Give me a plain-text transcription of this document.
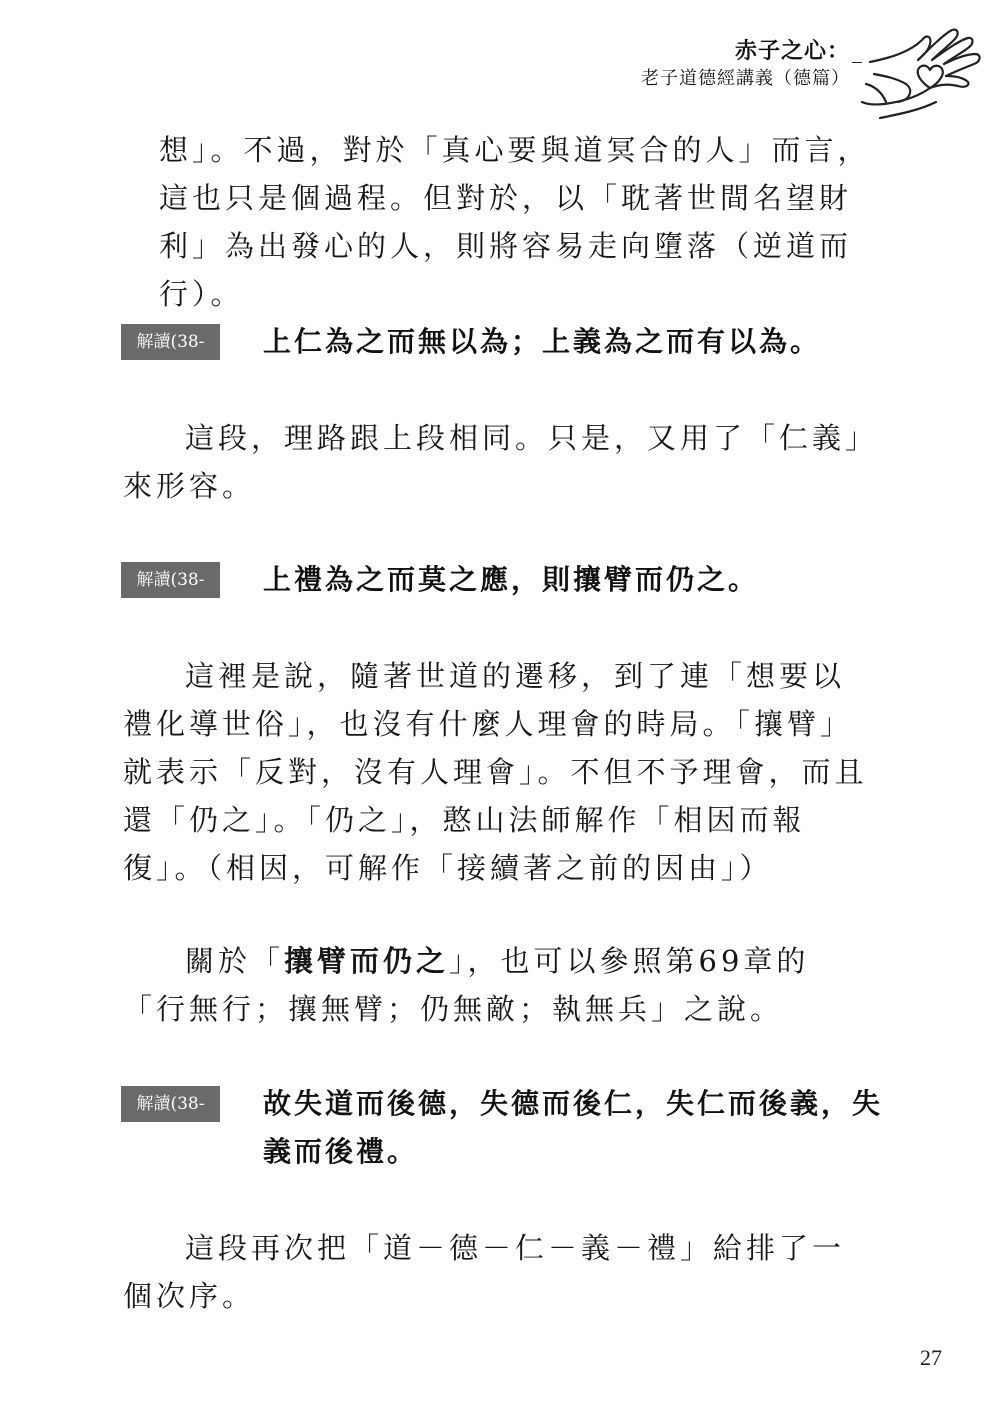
赤子之心：
老子道德經講義（德篇）
想」。不過，對於「真心要與道冥合的人」而言，這也只是個過程。但對於，以「耽著世間名望財利」為出發心的人，則將容易走向墮落（逆道而行）。
解讀(38-3)
上仁為之而無以為；上義為之而有以為。
這段，理路跟上段相同。只是，又用了「仁義」來形容。
解讀(38-4)
上禮為之而莫之應，則攘臂而仍之。
這裡是說，隨著世道的遷移，到了連「想要以禮化導世俗」，也沒有什麼人理會的時局。「攘臂」就表示「反對，沒有人理會」。不但不予理會，而且還「仍之」。「仍之」，憨山法師解作「相因而報復」。（相因，可解作「接續著之前的因由」）
關於「攘臂而仍之」，也可以參照第69章的「行無行；攘無臂；仍無敵；執無兵」之說。
解讀(38-5)
故失道而後德，失德而後仁，失仁而後義，失義而後禮。
這段再次把「道－德－仁－義－禮」給排了一個次序。
27
